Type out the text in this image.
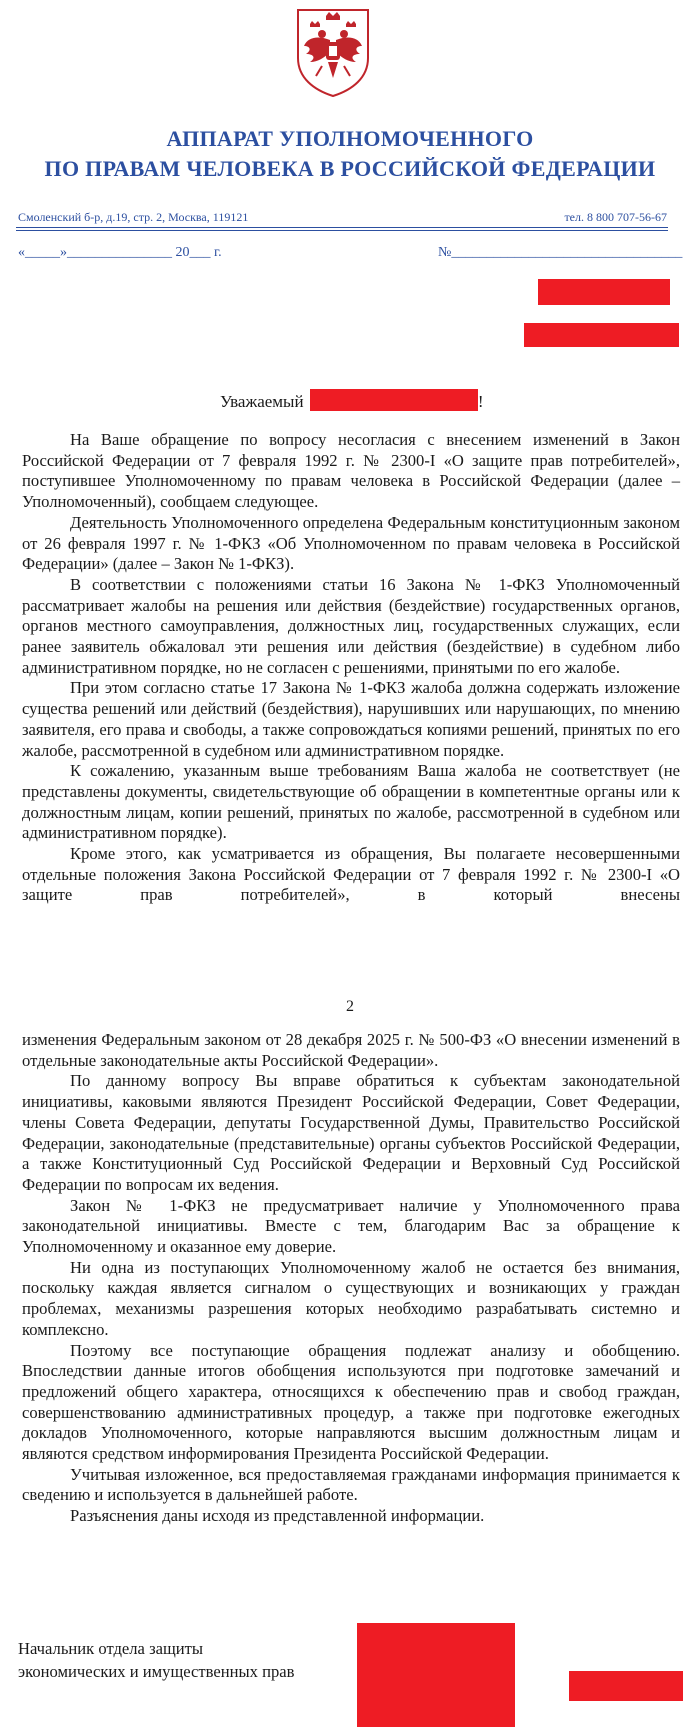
АППАРАТ УПОЛНОМОЧЕННОГО
ПО ПРАВАМ ЧЕЛОВЕКА В РОССИЙСКОЙ ФЕДЕРАЦИИ
Смоленский б-р, д.19, стр. 2, Москва, 119121	тел. 8 800 707-56-67
«_____»_______________ 20___ г.	№_________________________________
Уважаемый	!

На Ваше обращение по вопросу несогласия с внесением изменений в Закон Российской Федерации от 7 февраля 1992 г. № 2300-I «О защите прав потребителей», поступившее Уполномоченному по правам человека в Российской Федерации (далее – Уполномоченный), сообщаем следующее.

Деятельность Уполномоченного определена Федеральным конституционным законом от 26 февраля 1997 г. № 1-ФКЗ «Об Уполномоченном по правам человека в Российской Федерации» (далее – Закон № 1-ФКЗ).

В соответствии с положениями статьи 16 Закона № 1-ФКЗ Уполномоченный рассматривает жалобы на решения или действия (бездействие) государственных органов, органов местного самоуправления, должностных лиц, государственных служащих, если ранее заявитель обжаловал эти решения или действия (бездействие) в судебном либо административном порядке, но не согласен с решениями, принятыми по его жалобе.

При этом согласно статье 17 Закона № 1-ФКЗ жалоба должна содержать изложение существа решений или действий (бездействия), нарушивших или нарушающих, по мнению заявителя, его права и свободы, а также сопровождаться копиями решений, принятых по его жалобе, рассмотренной в судебном или административном порядке.

К сожалению, указанным выше требованиям Ваша жалоба не соответствует (не представлены документы, свидетельствующие об обращении в компетентные органы или к должностным лицам, копии решений, принятых по жалобе, рассмотренной в судебном или административном порядке).

Кроме этого, как усматривается из обращения, Вы полагаете несовершенными отдельные положения Закона Российской Федерации от 7 февраля 1992 г. № 2300-I «О защите прав потребителей», в который внесены

2

изменения Федеральным законом от 28 декабря 2025 г. № 500-ФЗ «О внесении изменений в отдельные законодательные акты Российской Федерации».

По данному вопросу Вы вправе обратиться к субъектам законодательной инициативы, каковыми являются Президент Российской Федерации, Совет Федерации, члены Совета Федерации, депутаты Государственной Думы, Правительство Российской Федерации, законодательные (представительные) органы субъектов Российской Федерации, а также Конституционный Суд Российской Федерации и Верховный Суд Российской Федерации по вопросам их ведения.

Закон № 1-ФКЗ не предусматривает наличие у Уполномоченного права законодательной инициативы. Вместе с тем, благодарим Вас за обращение к Уполномоченному и оказанное ему доверие.

Ни одна из поступающих Уполномоченному жалоб не остается без внимания, поскольку каждая является сигналом о существующих и возникающих у граждан проблемах, механизмы разрешения которых необходимо разрабатывать системно и комплексно.

Поэтому все поступающие обращения подлежат анализу и обобщению. Впоследствии данные итогов обобщения используются при подготовке замечаний и предложений общего характера, относящихся к обеспечению прав и свобод граждан, совершенствованию административных процедур, а также при подготовке ежегодных докладов Уполномоченного, которые направляются высшим должностным лицам и являются средством информирования Президента Российской Федерации.

Учитывая изложенное, вся предоставляемая гражданами информация принимается к сведению и используется в дальнейшей работе.

Разъяснения даны исходя из представленной информации.

Начальник отдела защиты
экономических и имущественных прав
